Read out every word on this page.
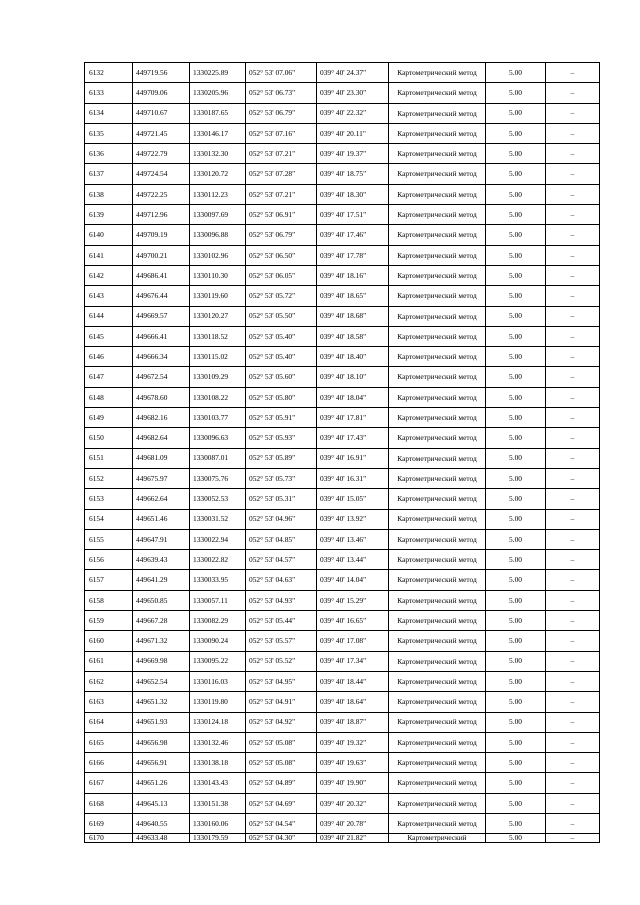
6132	449719.56	1330225.89	052° 53' 07.06"	039° 40' 24.37"	Картометрический метод	5.00	–
6133	449709.06	1330205.96	052° 53' 06.73"	039° 40' 23.30"	Картометрический метод	5.00	–
6134	449710.67	1330187.65	052° 53' 06.79"	039° 40' 22.32"	Картометрический метод	5.00	–
6135	449721.45	1330146.17	052° 53' 07.16"	039° 40' 20.11"	Картометрический метод	5.00	–
6136	449722.79	1330132.30	052° 53' 07.21"	039° 40' 19.37"	Картометрический метод	5.00	–
6137	449724.54	1330120.72	052° 53' 07.28"	039° 40' 18.75"	Картометрический метод	5.00	–
6138	449722.25	1330112.23	052° 53' 07.21"	039° 40' 18.30"	Картометрический метод	5.00	–
6139	449712.96	1330097.69	052° 53' 06.91"	039° 40' 17.51"	Картометрический метод	5.00	–
6140	449709.19	1330096.88	052° 53' 06.79"	039° 40' 17.46"	Картометрический метод	5.00	–
6141	449700.21	1330102.96	052° 53' 06.50"	039° 40' 17.78"	Картометрический метод	5.00	–
6142	449686.41	1330110.30	052° 53' 06.05"	039° 40' 18.16"	Картометрический метод	5.00	–
6143	449676.44	1330119.60	052° 53' 05.72"	039° 40' 18.65"	Картометрический метод	5.00	–
6144	449669.57	1330120.27	052° 53' 05.50"	039° 40' 18.68"	Картометрический метод	5.00	–
6145	449666.41	1330118.52	052° 53' 05.40"	039° 40' 18.58"	Картометрический метод	5.00	–
6146	449666.34	1330115.02	052° 53' 05.40"	039° 40' 18.40"	Картометрический метод	5.00	–
6147	449672.54	1330109.29	052° 53' 05.60"	039° 40' 18.10"	Картометрический метод	5.00	–
6148	449678.60	1330108.22	052° 53' 05.80"	039° 40' 18.04"	Картометрический метод	5.00	–
6149	449682.16	1330103.77	052° 53' 05.91"	039° 40' 17.81"	Картометрический метод	5.00	–
6150	449682.64	1330096.63	052° 53' 05.93"	039° 40' 17.43"	Картометрический метод	5.00	–
6151	449681.09	1330087.01	052° 53' 05.89"	039° 40' 16.91"	Картометрический метод	5.00	–
6152	449675.97	1330075.76	052° 53' 05.73"	039° 40' 16.31"	Картометрический метод	5.00	–
6153	449662.64	1330052.53	052° 53' 05.31"	039° 40' 15.05"	Картометрический метод	5.00	–
6154	449651.46	1330031.52	052° 53' 04.96"	039° 40' 13.92"	Картометрический метод	5.00	–
6155	449647.91	1330022.94	052° 53' 04.85"	039° 40' 13.46"	Картометрический метод	5.00	–
6156	449639.43	1330022.82	052° 53' 04.57"	039° 40' 13.44"	Картометрический метод	5.00	–
6157	449641.29	1330033.95	052° 53' 04.63"	039° 40' 14.04"	Картометрический метод	5.00	–
6158	449650.85	1330057.11	052° 53' 04.93"	039° 40' 15.29"	Картометрический метод	5.00	–
6159	449667.28	1330082.29	052° 53' 05.44"	039° 40' 16.65"	Картометрический метод	5.00	–
6160	449671.32	1330090.24	052° 53' 05.57"	039° 40' 17.08"	Картометрический метод	5.00	–
6161	449669.98	1330095.22	052° 53' 05.52"	039° 40' 17.34"	Картометрический метод	5.00	–
6162	449652.54	1330116.03	052° 53' 04.95"	039° 40' 18.44"	Картометрический метод	5.00	–
6163	449651.32	1330119.80	052° 53' 04.91"	039° 40' 18.64"	Картометрический метод	5.00	–
6164	449651.93	1330124.18	052° 53' 04.92"	039° 40' 18.87"	Картометрический метод	5.00	–
6165	449656.98	1330132.46	052° 53' 05.08"	039° 40' 19.32"	Картометрический метод	5.00	–
6166	449656.91	1330138.18	052° 53' 05.08"	039° 40' 19.63"	Картометрический метод	5.00	–
6167	449651.26	1330143.43	052° 53' 04.89"	039° 40' 19.90"	Картометрический метод	5.00	–
6168	449645.13	1330151.38	052° 53' 04.69"	039° 40' 20.32"	Картометрический метод	5.00	–
6169	449640.55	1330160.06	052° 53' 04.54"	039° 40' 20.78"	Картометрический метод	5.00	–
6170	449633.48	1330179.59	052° 53' 04.30"	039° 40' 21.82"	Картометрический	5.00	–
